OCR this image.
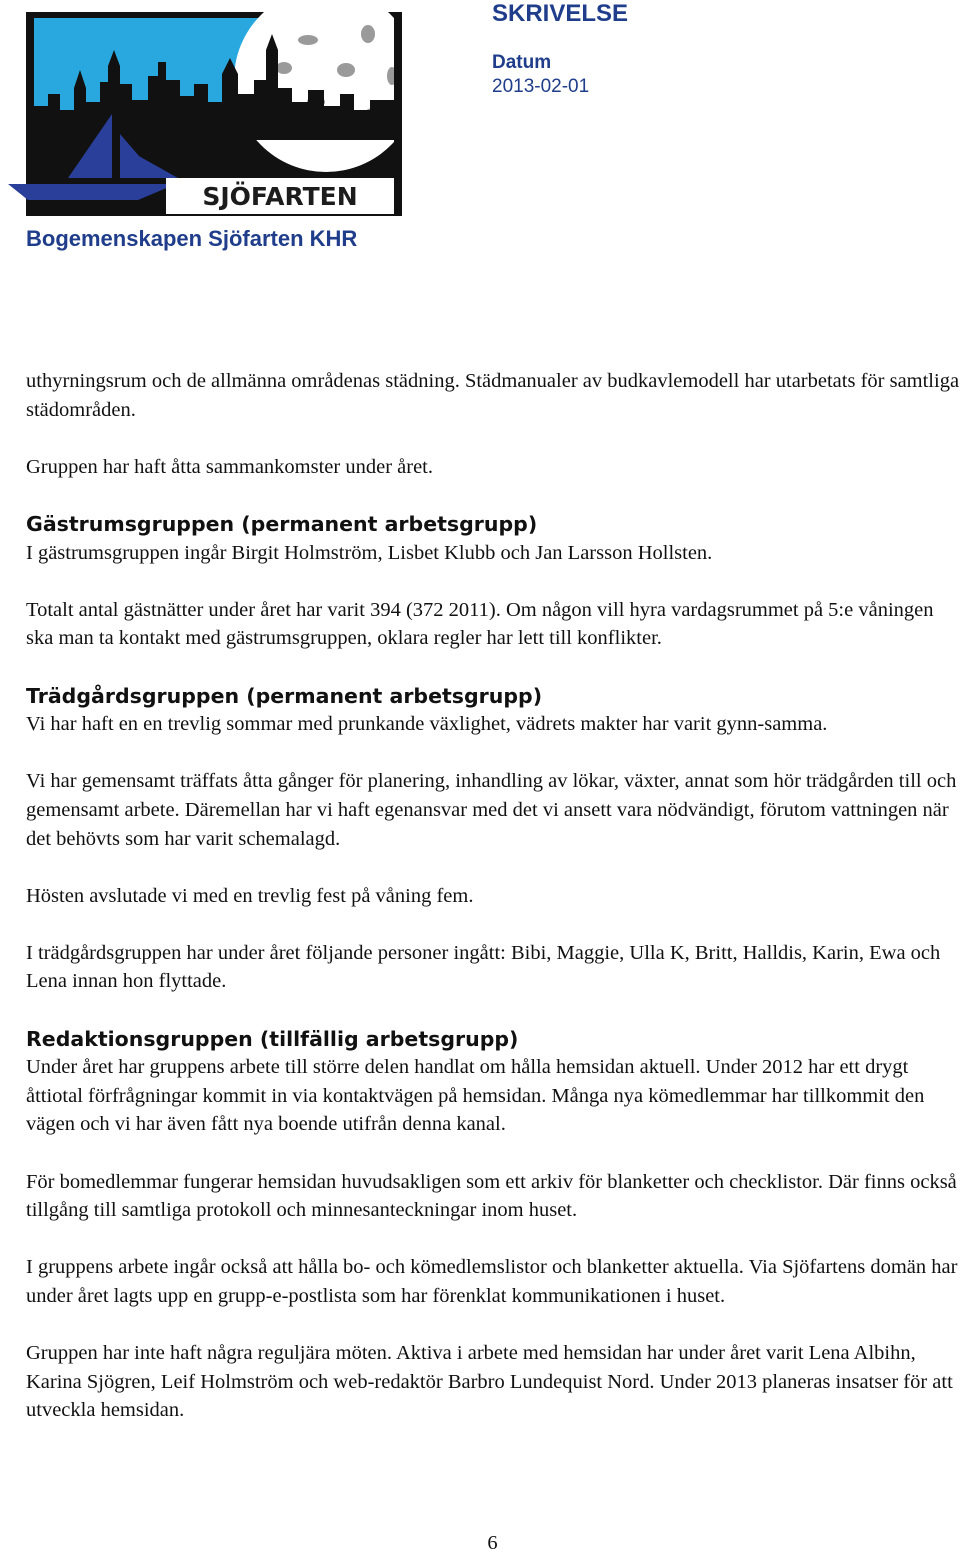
SJÖFARTEN
SKRIVELSE
Datum
2013-02-01
Bogemenskapen Sjöfarten KHR

uthyrningsrum och de allmänna områdenas städning. Städmanualer av budkavlemodell har utarbetats för samtliga städområden.

Gruppen har haft åtta sammankomster under året.

Gästrumsgruppen (permanent arbetsgrupp)

I gästrumsgruppen ingår Birgit Holmström, Lisbet Klubb och Jan Larsson Hollsten.

Totalt antal gästnätter under året har varit 394 (372 2011). Om någon vill hyra vardagsrummet på 5:e våningen ska man ta kontakt med gästrumsgruppen, oklara regler har lett till konflikter.

Trädgårdsgruppen (permanent arbetsgrupp)

Vi har haft en en trevlig sommar med prunkande växlighet, vädrets makter har varit gynn-samma.

Vi har gemensamt träffats åtta gånger för planering, inhandling av lökar, växter, annat som hör trädgården till och gemensamt arbete. Däremellan har vi haft egenansvar med det vi ansett vara nödvändigt, förutom vattningen när det behövts som har varit schemalagd.

Hösten avslutade vi med en trevlig fest på våning fem.

I trädgårdsgruppen har under året följande personer ingått: Bibi, Maggie, Ulla K, Britt, Halldis, Karin, Ewa och Lena innan hon flyttade.

Redaktionsgruppen (tillfällig arbetsgrupp)

Under året har gruppens arbete till större delen handlat om hålla hemsidan aktuell. Under 2012 har ett drygt åttiotal förfrågningar kommit in via kontaktvägen på hemsidan. Många nya kömedlemmar har tillkommit den vägen och vi har även fått nya boende utifrån denna kanal.

För bomedlemmar fungerar hemsidan huvudsakligen som ett arkiv för blanketter och checklistor. Där finns också tillgång till samtliga protokoll och minnesanteckningar inom huset.

I gruppens arbete ingår också att hålla bo- och kömedlemslistor och blanketter aktuella. Via Sjöfartens domän har under året lagts upp en grupp-e-postlista som har förenklat kommunikationen i huset.

Gruppen har inte haft några reguljära möten. Aktiva i arbete med hemsidan har under året varit Lena Albihn, Karina Sjögren, Leif Holmström och web-redaktör Barbro Lundequist Nord. Under 2013 planeras insatser för att utveckla hemsidan.

6
